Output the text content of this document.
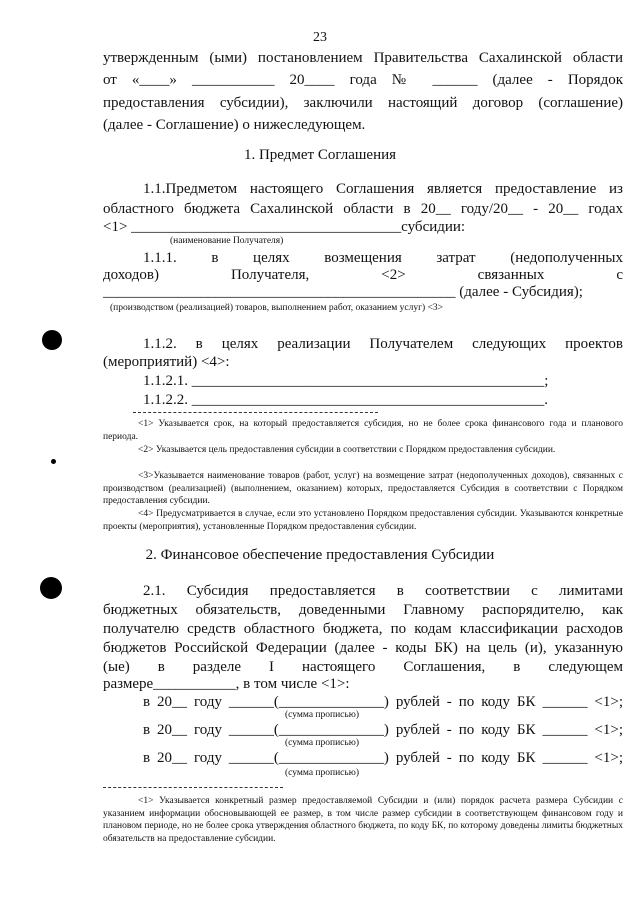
23
утвержденным (ыми) постановлением Правительства Сахалинской области
от «____» ___________ 20____ года № ______ (далее - Порядок
предоставления субсидии), заключили настоящий договор (соглашение)
(далее - Соглашение) о нижеследующем.
1. Предмет Соглашения
1.1.Предметом настоящего Соглашения является предоставление из
областного бюджета Сахалинской области в 20__ году/20__ - 20__ годах
<1> ____________________________________субсидии:
(наименование Получателя)
1.1.1. в целях возмещения затрат (недополученных
доходов) Получателя, <2> связанных с
_______________________________________________ (далее - Субсидия);
(производством (реализацией) товаров, выполнением работ, оказанием услуг) <3>
1.1.2. в целях реализации Получателем следующих проектов
(мероприятий) <4>:
1.1.2.1. _______________________________________________;
1.1.2.2. _______________________________________________.
<1> Указывается срок, на который предоставляется субсидия, но не более срока финансового года и планового периода.
<2> Указывается цель предоставления субсидии в соответствии с Порядком предоставления субсидии.
<3>Указывается наименование товаров (работ, услуг) на возмещение затрат (недополученных доходов), связанных с производством (реализацией) (выполнением, оказанием) которых, предоставляется Субсидия в соответствии с Порядком предоставления субсидии.
<4> Предусматривается в случае, если это установлено Порядком предоставления субсидии. Указываются конкретные проекты (мероприятия), установленные Порядком предоставления субсидии.
2. Финансовое обеспечение предоставления Субсидии
2.1. Субсидия предоставляется в соответствии с лимитами
бюджетных обязательств, доведенными Главному распорядителю, как
получателю средств областного бюджета, по кодам классификации расходов
бюджетов Российской Федерации (далее - коды БК) на цель (и), указанную
(ые) в разделе I настоящего Соглашения, в следующем
размере___________, в том числе <1>:
в 20__ году ______(______________) рублей - по коду БК ______ <1>;
(сумма прописью)
в 20__ году ______(______________) рублей - по коду БК ______ <1>;
(сумма прописью)
в 20__ году ______(______________) рублей - по коду БК ______ <1>;
(сумма прописью)
<1> Указывается конкретный размер предоставляемой Субсидии и (или) порядок расчета размера Субсидии с указанием информации обосновывающей ее размер, в том числе размер субсидии в соответствующем финансовом году и плановом периоде, но не более срока утверждения областного бюджета, по коду БК, по которому доведены лимиты бюджетных обязательств на предоставление субсидии.
